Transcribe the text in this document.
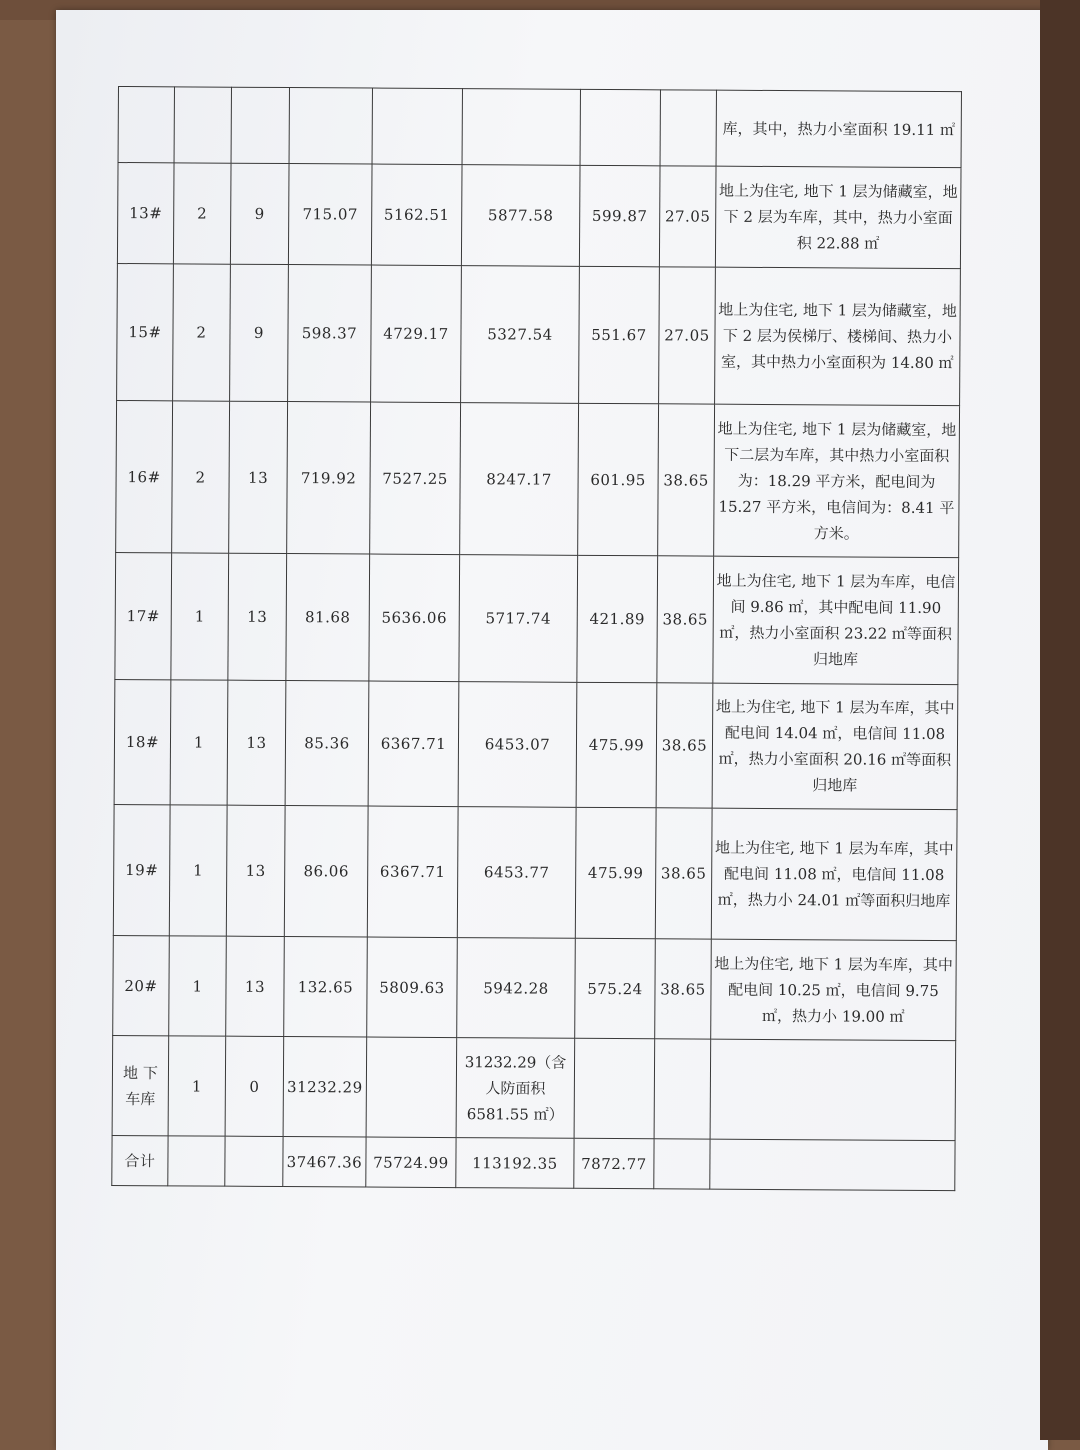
								库，其中，热力小室面积 19.11 ㎡
13#	2	9	715.07	5162.51	5877.58	599.87	27.05	地上为住宅, 地下 1 层为储藏室，地下 2 层为车库，其中，热力小室面积 22.88 ㎡
15#	2	9	598.37	4729.17	5327.54	551.67	27.05	地上为住宅, 地下 1 层为储藏室，地下 2 层为侯梯厅、楼梯间、热力小室，其中热力小室面积为 14.80 ㎡
16#	2	13	719.92	7527.25	8247.17	601.95	38.65	地上为住宅, 地下 1 层为储藏室，地下二层为车库，其中热力小室面积为：18.29 平方米，配电间为 15.27 平方米，电信间为：8.41 平方米。
17#	1	13	81.68	5636.06	5717.74	421.89	38.65	地上为住宅, 地下 1 层为车库，电信间 9.86 ㎡，其中配电间 11.90 ㎡，热力小室面积 23.22 ㎡等面积归地库
18#	1	13	85.36	6367.71	6453.07	475.99	38.65	地上为住宅, 地下 1 层为车库，其中配电间 14.04 ㎡，电信间 11.08 ㎡，热力小室面积 20.16 ㎡等面积归地库
19#	1	13	86.06	6367.71	6453.77	475.99	38.65	地上为住宅, 地下 1 层为车库，其中配电间 11.08 ㎡，电信间 11.08 ㎡，热力小 24.01 ㎡等面积归地库
20#	1	13	132.65	5809.63	5942.28	575.24	38.65	地上为住宅, 地下 1 层为车库，其中配电间 10.25 ㎡，电信间 9.75 ㎡，热力小 19.00 ㎡
地 下 车库	1	0	31232.29		31232.29（含人防面积 6581.55 ㎡）			
合计			37467.36	75724.99	113192.35	7872.77		
